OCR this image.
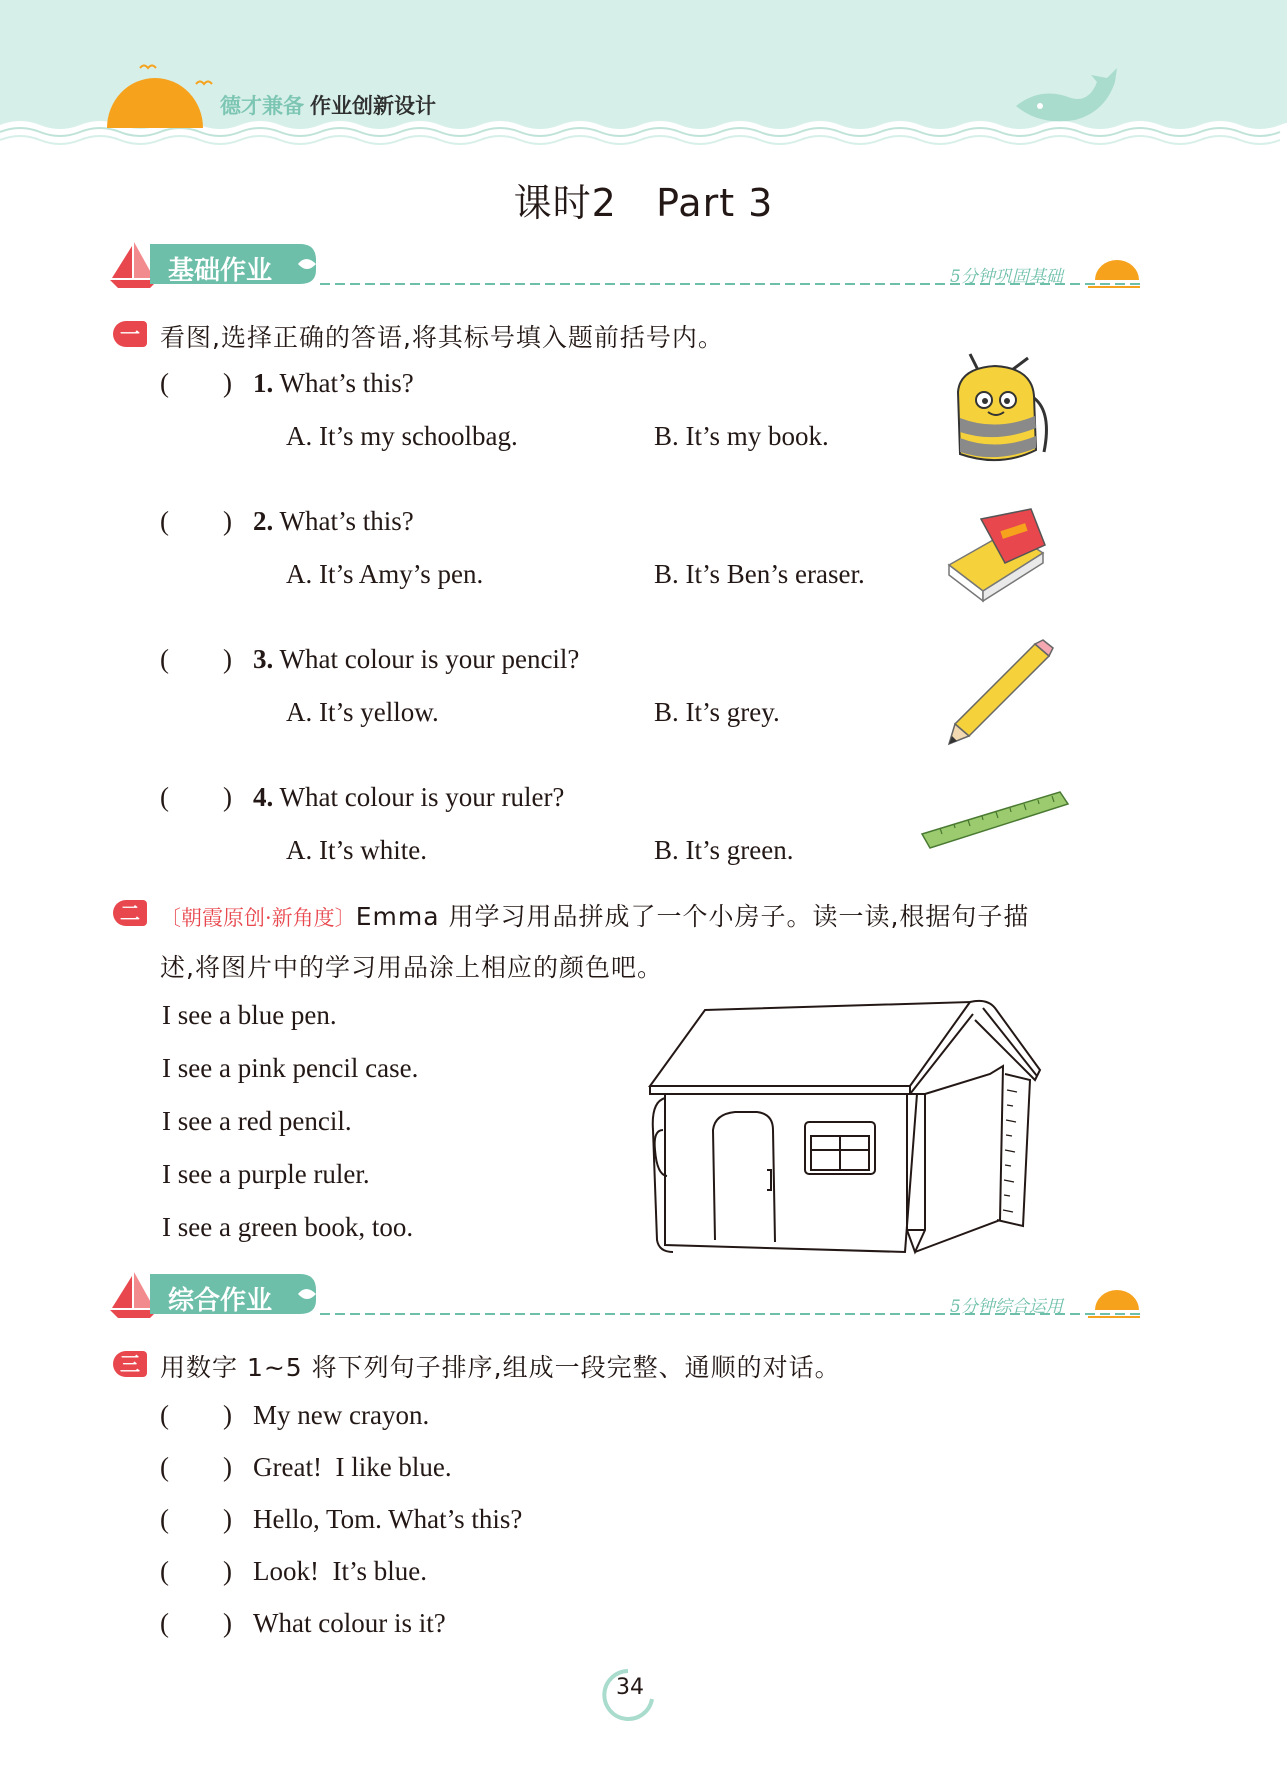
德才兼备 作业创新设计
课时2   Part 3
基础作业	5分钟巩固基础
一 看图,选择正确的答语,将其标号填入题前括号内。
(        ) 1. What’s this?
A. It’s my schoolbag.	B. It’s my book.
(        ) 2. What’s this?
A. It’s Amy’s pen.	B. It’s Ben’s eraser.
(        ) 3. What colour is your pencil?
A. It’s yellow.	B. It’s grey.
(        ) 4. What colour is your ruler?
A. It’s white.	B. It’s green.
二 〔朝霞原创·新角度〕Emma 用学习用品拼成了一个小房子。读一读,根据句子描
述,将图片中的学习用品涂上相应的颜色吧。
I see a blue pen.
I see a pink pencil case.
I see a red pencil.
I see a purple ruler.
I see a green book, too.
综合作业	5分钟综合运用
三 用数字 1~5 将下列句子排序,组成一段完整、通顺的对话。
(        ) My new crayon.
(        ) Great!  I like blue.
(        ) Hello, Tom. What’s this?
(        ) Look!  It’s blue.
(        ) What colour is it?
34
